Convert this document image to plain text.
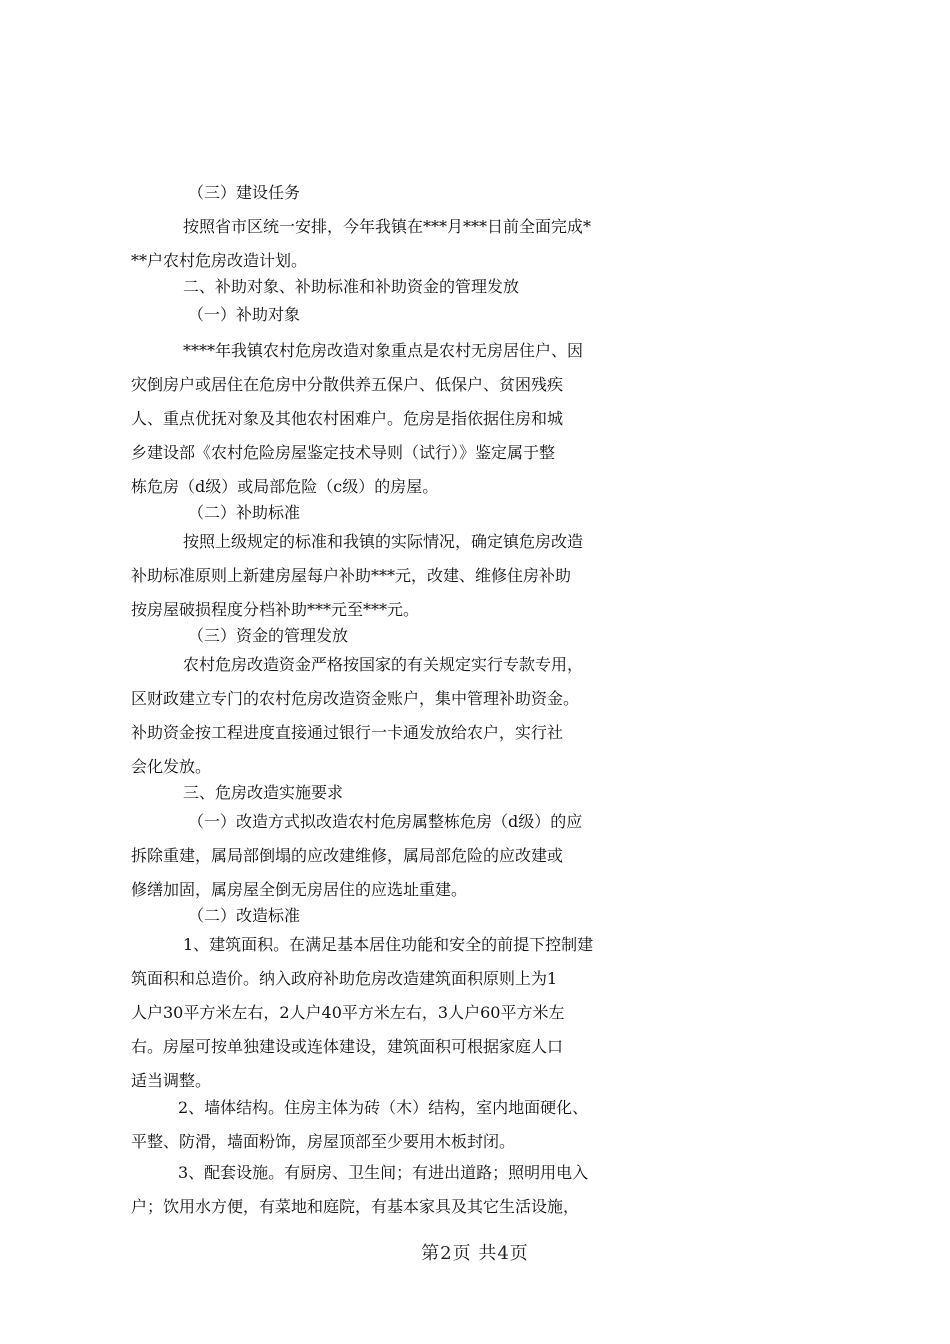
（三）建设任务
按照省市区统一安排，今年我镇在***月***日前全面完成*
**户农村危房改造计划。
二、补助对象、补助标准和补助资金的管理发放
（一）补助对象
****年我镇农村危房改造对象重点是农村无房居住户、因
灾倒房户或居住在危房中分散供养五保户、低保户、贫困残疾
人、重点优抚对象及其他农村困难户。危房是指依据住房和城
乡建设部《农村危险房屋鉴定技术导则（试行）》鉴定属于整
栋危房（d级）或局部危险（c级）的房屋。
（二）补助标准
按照上级规定的标准和我镇的实际情况，确定镇危房改造
补助标准原则上新建房屋每户补助***元，改建、维修住房补助
按房屋破损程度分档补助***元至***元。
（三）资金的管理发放
农村危房改造资金严格按国家的有关规定实行专款专用，
区财政建立专门的农村危房改造资金账户，集中管理补助资金。
补助资金按工程进度直接通过银行一卡通发放给农户，实行社
会化发放。
三、危房改造实施要求
（一）改造方式拟改造农村危房属整栋危房（d级）的应
拆除重建，属局部倒塌的应改建维修，属局部危险的应改建或
修缮加固，属房屋全倒无房居住的应选址重建。
（二）改造标准
1、建筑面积。在满足基本居住功能和安全的前提下控制建
筑面积和总造价。纳入政府补助危房改造建筑面积原则上为1
人户30平方米左右，2人户40平方米左右，3人户60平方米左
右。房屋可按单独建设或连体建设，建筑面积可根据家庭人口
适当调整。
2、墙体结构。住房主体为砖（木）结构，室内地面硬化、
平整、防滑，墙面粉饰，房屋顶部至少要用木板封闭。
3、配套设施。有厨房、卫生间；有进出道路；照明用电入
户；饮用水方便，有菜地和庭院，有基本家具及其它生活设施，
第2页 共4页
